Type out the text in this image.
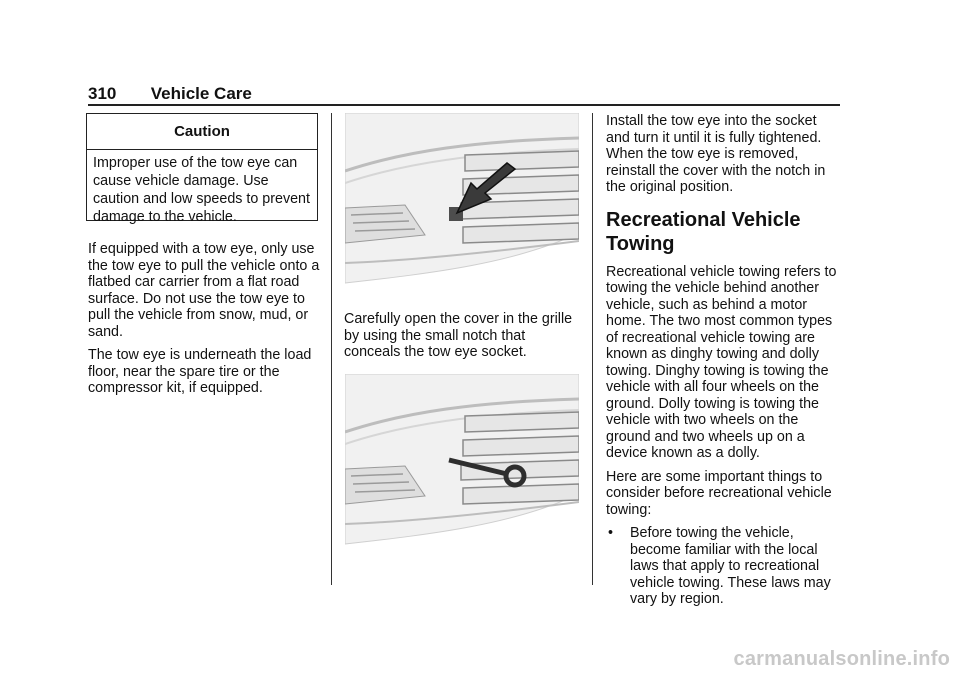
310 Vehicle Care
Caution
Improper use of the tow eye can cause vehicle damage. Use caution and low speeds to prevent damage to the vehicle.

If equipped with a tow eye, only use the tow eye to pull the vehicle onto a flatbed car carrier from a flat road surface. Do not use the tow eye to pull the vehicle from snow, mud, or sand.

The tow eye is underneath the load floor, near the spare tire or the compressor kit, if equipped.

Carefully open the cover in the grille by using the small notch that conceals the tow eye socket.

Install the tow eye into the socket and turn it until it is fully tightened. When the tow eye is removed, reinstall the cover with the notch in the original position.

Recreational Vehicle Towing

Recreational vehicle towing refers to towing the vehicle behind another vehicle, such as behind a motor home. The two most common types of recreational vehicle towing are known as dinghy towing and dolly towing. Dinghy towing is towing the vehicle with all four wheels on the ground. Dolly towing is towing the vehicle with two wheels on the ground and two wheels up on a device known as a dolly.

Here are some important things to consider before recreational vehicle towing:

•	Before towing the vehicle, become familiar with the local laws that apply to recreational vehicle towing. These laws may vary by region.
carmanualsonline.info
